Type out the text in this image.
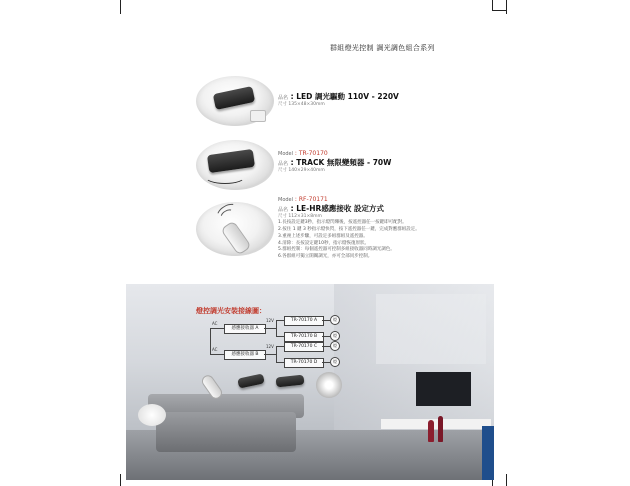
群組燈光控制 調光調色組合系列
品名 : LED 調光驅動 110V - 220V
尺寸 135×48×30mm
Model : TR-70170
品名 : TRACK 無限變頻器 - 70W
尺寸 140×29×40mm
Model : RF-70171
品名 : LE-HR感應接收 設定方式
尺寸 112×31×8mm
1.長按設定鍵3秒，指示燈閃爍後，按遙控器任一按鍵即可配對。
2.按住 1 鍵 3 秒指示燈快閃，按下遙控器任一鍵，完成對應群組設定。
3.重複上述步驟，可設定多組群組及遙控器。
4.清除：長按設定鍵10秒，指示燈恢復原狀。
5.群組控制：每個遙控器可控制多組接收器同時調光調色。
6.各群組可獨立開關調光，亦可全部同步控制。
燈控調光安裝接線圖：
AC
AC
感應接收器 A
感應接收器 B
12V
12V
TR-70170 A
TR-70170 B
TR-70170 C
TR-70170 D
燈
燈
燈
燈
